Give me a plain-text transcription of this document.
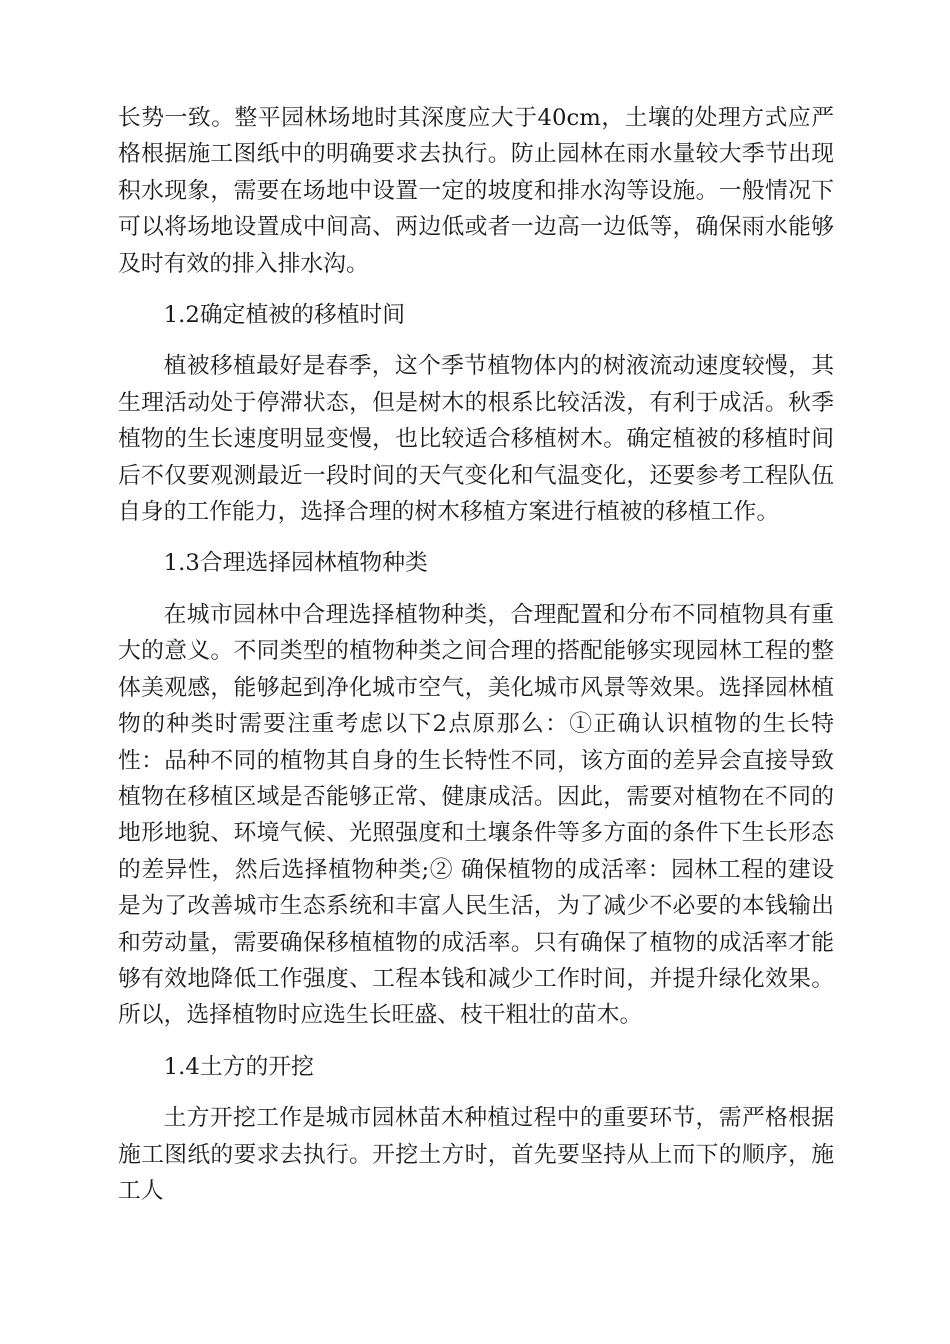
长势一致。整平园林场地时其深度应大于40cm，土壤的处理方式应严格根据施工图纸中的明确要求去执行。防止园林在雨水量较大季节出现积水现象，需要在场地中设置一定的坡度和排水沟等设施。一般情况下可以将场地设置成中间高、两边低或者一边高一边低等，确保雨水能够及时有效的排入排水沟。

1.2确定植被的移植时间

植被移植最好是春季，这个季节植物体内的树液流动速度较慢，其生理活动处于停滞状态，但是树木的根系比较活泼，有利于成活。秋季植物的生长速度明显变慢，也比较适合移植树木。确定植被的移植时间后不仅要观测最近一段时间的天气变化和气温变化，还要参考工程队伍自身的工作能力，选择合理的树木移植方案进行植被的移植工作。

1.3合理选择园林植物种类

在城市园林中合理选择植物种类，合理配置和分布不同植物具有重大的意义。不同类型的植物种类之间合理的搭配能够实现园林工程的整体美观感，能够起到净化城市空气，美化城市风景等效果。选择园林植物的种类时需要注重考虑以下2点原那么：①正确认识植物的生长特性：品种不同的植物其自身的生长特性不同，该方面的差异会直接导致植物在移植区域是否能够正常、健康成活。因此，需要对植物在不同的地形地貌、环境气候、光照强度和土壤条件等多方面的条件下生长形态的差异性，然后选择植物种类;② 确保植物的成活率：园林工程的建设是为了改善城市生态系统和丰富人民生活，为了减少不必要的本钱输出和劳动量，需要确保移植植物的成活率。只有确保了植物的成活率才能够有效地降低工作强度、工程本钱和减少工作时间，并提升绿化效果。所以，选择植物时应选生长旺盛、枝干粗壮的苗木。

1.4土方的开挖

土方开挖工作是城市园林苗木种植过程中的重要环节，需严格根据施工图纸的要求去执行。开挖土方时，首先要坚持从上而下的顺序，施工人
